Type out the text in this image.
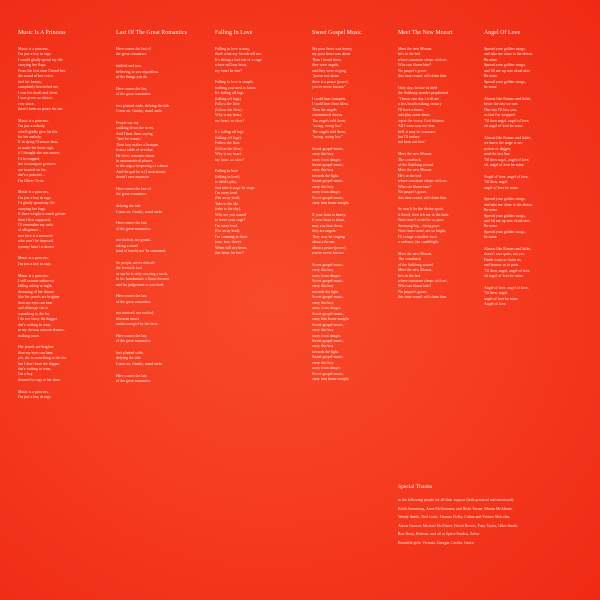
Music Is A Princess

Music is a princess,
I'm just a boy in rags.
I would gladly spend my life
carrying her flags.
From the first time I heard her,
the sound of her voice,
tied her beauty,
completely bewitched me,
I was her thrall and slave,
I was given no choice,
ever since,
there's been no peace for me.

Music is a princess,
I'm just a nobody
who'd gladly give his life
for her melody.
If in dying I'd music hear,
or make her heart sigh,
if I thought she was nearer,
I'd be trapped,
her extravagant gestures
are stunted on her,
she's a princess –
I'm Oliver Twist.

Music is a princess,
I'm just a boy in rags.
I'd gladly spend my life
carrying her bags.
If there weight is much greater
than I first supposed,
I'll remember my oath
of allegiance –
true love is a monarch
who won't be deposed,
tyranny hasn't a chance.

Music is a princess,
I'm just a boy in rags.

Music is a princess,
I will resume unknown
falling asleep at night,
dreaming of her throne.
like her jewels are brighter
than my eyes can bear
and although she is
something to die for,
I do not fancy the dagger
she's waiting to wear,
in my dreams ransom dreams,
nothing more.

Her jewels are brighter
than my eyes can bear,
yet, she is something to die for,
but I don't have the slipper
she's waiting to wear,
I'm a boy
doomed to rags at her door.

Music is a princess,
I'm just a boy in rags.

Last Of The Great Romantics

Here comes the last of
the great romantics:

faithful and true,
believing in you regardless
of the things you do.

Here comes the last
of the great romantics:

feet planted wide, defying the tide.
Come on, Gatsby, stand aside.

People say my
walking down the street,
And I hear them saying
"here he comes."
Their boy makes a bouquet
from a table of overdue,
He loves romantic music
in asymmetrical phases,
in the angry deepening of a dawn
And the god he is (I read about)
doesn't care anymore.

Here comes the last of
the great romantics:

defying the tide.
Come on, Gatsby, stand aside.

Here comes the last
of the great romantics:

not foolish, not grand...
taking a stand
(end of touch) not 'In command.

So people, never ridicule
the lovesick fool
or say he is only carrying a torch.
In his bondsman's a flame thrower
and his judgement is scorched.

Here comes the last
of the great romantics:

not tortured, not sucked,
illusions intact
undiscouraged by the facts.

Here comes the last
of the great romantics:

feet planted wide,
defying the tide.
Come on, Gatsby, stand aside.

Here comes the last
of the great romantics:

Falling In Love

Falling in love is easy,
that's what my friends tell me.
It's letting a fool out of a cage,
where will my heart,
my heart be free?

Falling in love is simple,
nothing you need to know.
It's falling off logs
(falling off logs).
Follow the flow
(follow the flow).
Why is my heart,
my heart, so slow?

It's falling off logs
(falling off logs).
Follow the flow
(follow the flow).
Why is my heart,
my heart, so slow?

Falling in love
(falling in love)
is child's play,
Just take it stage by stage.
I'm away lead
(I'm away lead).
Take to the ski
(take to the sky).
Why are you scared
to leave your cage?
I'm away lead
(I'm away lead).
I'm counting to three
(one, two, three).
When will my heart,
this heart, be free?

Sweet Gospel Music

My poor heart was heavy,
my poor heart was alone.
Then I heard them,
they were angels,
and they were singing
"you're not alone,
there is a peace (peace)
you've never known."

I could hear trumpets.
I could hear them blow.
Then the angels
commenced chorus.
The angels told them,
"swing, swing low"
The angels told them,
"swing, swing low"

Sweet gospel music,
carry this boy
away from danger.
Sweet gospel music,
carry this boy
towards the light.
Sweet gospel music,
carry this boy
away from danger.
Sweet gospel music,
carry him home tonight.

If your heart is heavy,
if your heart is alone,
may you hear them,
they are angels.
They may be singing
about a throne,
about a peace (peace)
you've never known.

Sweet gospel music,
carry this boy
away from danger.
Sweet gospel music,
carry this boy
towards the light.
Sweet gospel music,
carry this boy
away from danger.
Sweet gospel music,
carry him home tonight.
Sweet gospel music,
carry this boy
away from danger.
Sweet gospel music,
carry this boy
towards the light.
Sweet gospel music,
carry this boy
away from danger.
Sweet gospel music,
carry him home tonight.

Meet The New Mozart

Meet the new Mozart,
he's in the bed
where comatose sleeps with art.
Who can blame him?
No pauper's grave,
this time round, will claim him.

Only days before he died
the Salzburg wonder prophesied
"I know one day I will see
a less heartbreaking century
I'll have a home,
and play some dates,
reject the worst; God dictates.
All I want now not fear,
hell, it may be someone,
but I'll endure
not been out fast."

Meet the new Mozart,
The comeback
of the Salzburg wizard.
Meet the new Mozart,
He's in the bed
where comatose sleeps with art.
Who can blame him?
No pauper's grave,
this time round, will claim him.

So much for the divine spark,
it flared, then left me in the dark.
Next time I would be so pure,
dreaming big – dying poor.
Next time round, not so bright,
I'll twinge a modest cure,
a cadence, fan candlelight.

Meet the new Mozart,
The comeback
of the Salzburg wizard.
Meet the new Mozart,
he's in the bed
where comatose sleeps with art.
Who can blame him?
No pauper's grave,
this time round, will claim him.

Angel Of Love

Spread your golden wings,
and take me close to the divine.
Be mine.
Spread your golden wings,
and lift me up into cloud nine.
Be mine.
Spread your golden wings,
be mine.

Almost like Romeo and Juliet,
better the day we met.
One day I'll kiss you,
so that I'm wrapped.
'Til then angel, angel of love,
oh angel of love be mine.

Almost like Romeo and Juliet,
we know the stage is set,
poison or dagger,
read the last line.
'Til then angel, angel of love,
oh, angel of love be mine.

Angel of love, angel of love,
'Til then, angel,
angel of love be mine.

Spread your golden wings,
and take me close to the divine.
Be mine.
Spread your golden wings,
and lift me up into cloud nine.
Be mine.
Spread your golden wings,
be mine.

Almost like Romeo and Juliet,
doesn't care quite, not yet.
Death waits to claim us,
and honour us in print.
'Til then, angel, angel of love,
oh angel of love be mine.

Angel of love, angel of love,
'Til then, angel,
angel of love be mine.
Angel of love.

Special Thanks

to the following people for all their support (both practical and emotional):

Keith Armstrong, Anne McGuinness and Nicki Turner, Martin McAlister,

Wendy Smith, Neil Conti, Thomas Dolby, Calum and Yvonne Malcolm,

Alexis Grower, Michael McAlister, David Brewis, Tony Taylor, Giles Smith,

Ron Berry, Ritterstr. and all at Spiice Studios, Zeleo.

Beautiful girls: Victoria, Georgia, Cecilia, Grace.
